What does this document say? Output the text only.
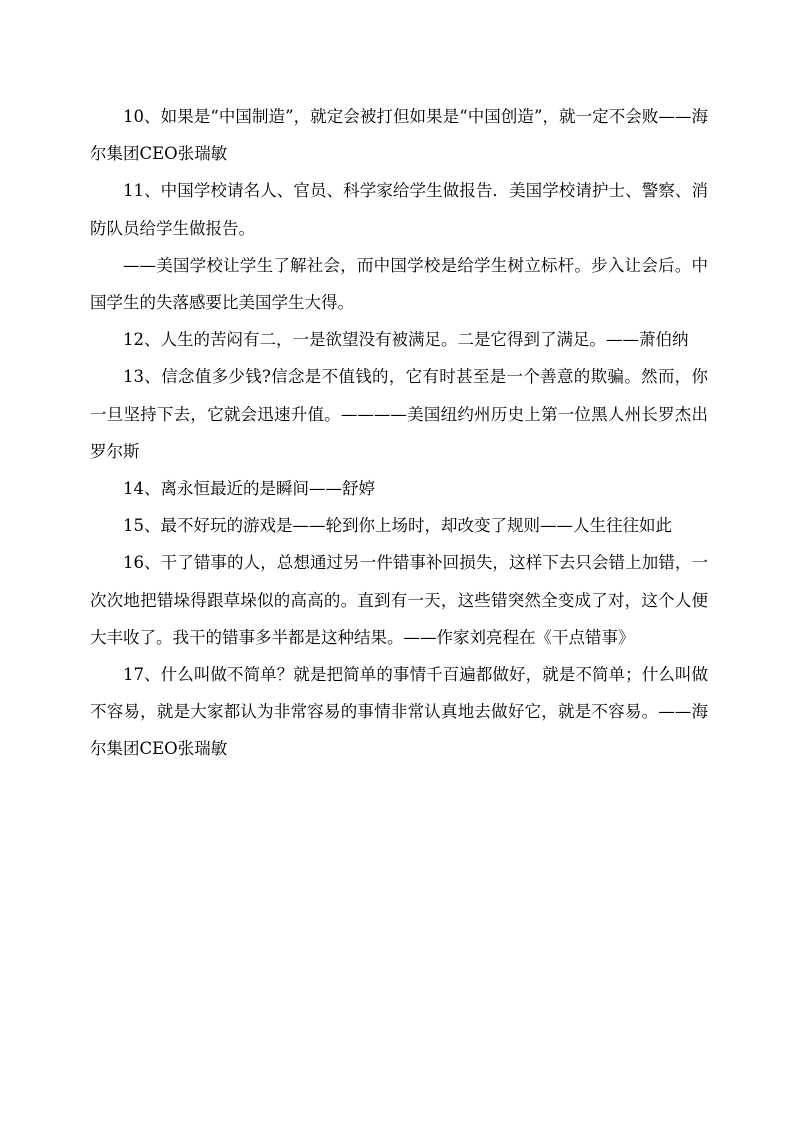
10、如果是“中国制造”，就定会被打但如果是“中国创造”，就一定不会败——海尔集团CEO张瑞敏

11、中国学校请名人、官员、科学家给学生做报告．美国学校请护士、警察、消防队员给学生做报告。

——美国学校让学生了解社会，而中国学校是给学生树立标杆。步入让会后。中国学生的失落感要比美国学生大得。

12、人生的苦闷有二，一是欲望没有被满足。二是它得到了满足。——萧伯纳

13、信念值多少钱?信念是不值钱的，它有时甚至是一个善意的欺骗。然而，你一旦坚持下去，它就会迅速升值。————美国纽约州历史上第一位黑人州长罗杰出 罗尔斯

14、离永恒最近的是瞬间——舒婷

15、最不好玩的游戏是——轮到你上场时，却改变了规则——人生往往如此

16、干了错事的人，总想通过另一件错事补回损失，这样下去只会错上加错，一次次地把错垛得跟草垛似的高高的。直到有一天，这些错突然全变成了对，这个人便大丰收了。我干的错事多半都是这种结果。——作家刘亮程在《干点错事》

17、什么叫做不简单？就是把简单的事情千百遍都做好，就是不简单；什么叫做不容易，就是大家都认为非常容易的事情非常认真地去做好它，就是不容易。——海尔集团CEO张瑞敏
